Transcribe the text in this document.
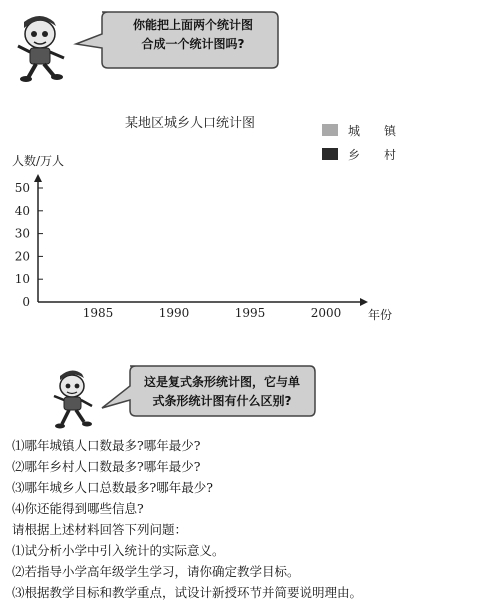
你能把上面两个统计图
合成一个统计图吗?
某地区城乡人口统计图	城　镇
乡　村
人数/万人
年份
0
10
20
30
40
50
1985	1990	1995	2000
这是复式条形统计图，它与单
式条形统计图有什么区别?
⑴哪年城镇人口数最多?哪年最少?
⑵哪年乡村人口数最多?哪年最少?
⑶哪年城乡人口总数最多?哪年最少?
⑷你还能得到哪些信息?
请根据上述材料回答下列问题：
⑴试分析小学中引入统计的实际意义。
⑵若指导小学高年级学生学习，请你确定教学目标。
⑶根据教学目标和教学重点，试设计新授环节并简要说明理由。
